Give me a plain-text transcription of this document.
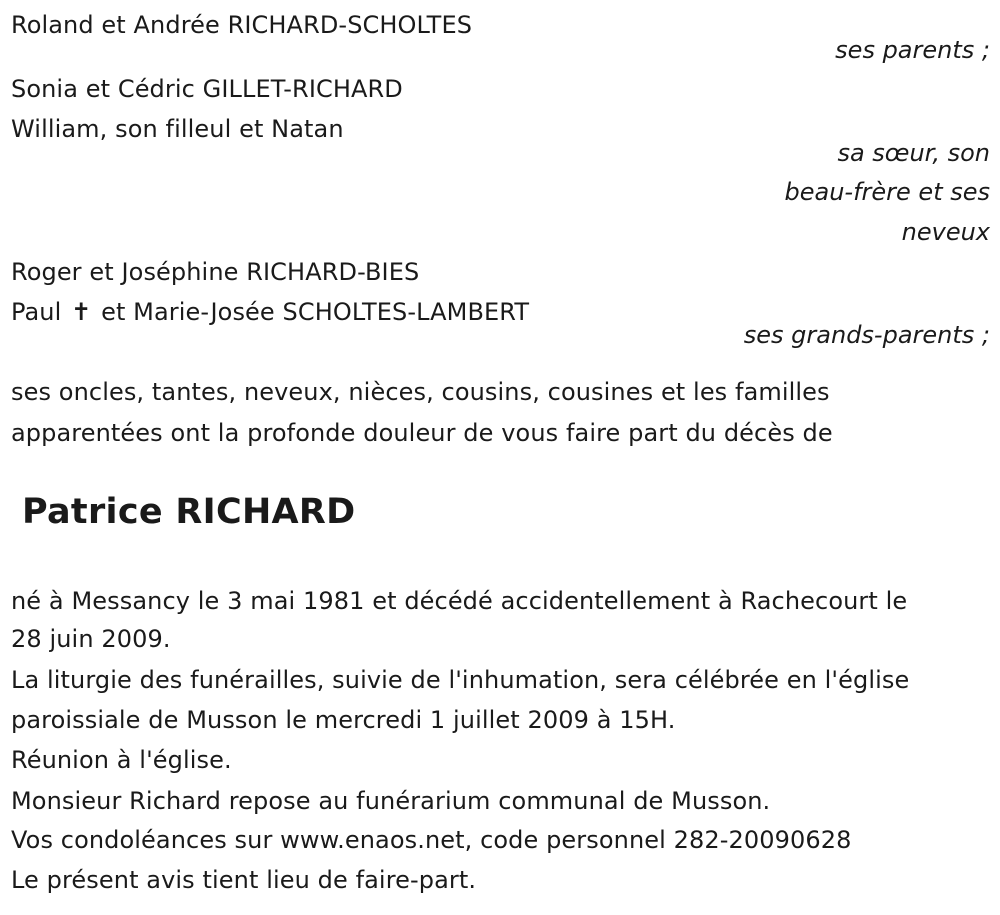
Roland et Andrée RICHARD-SCHOLTES
ses parents ;
Sonia et Cédric GILLET-RICHARD
William, son filleul et Natan
sa sœur, son
beau-frère et ses
neveux
Roger et Joséphine RICHARD-BIES
Paul ✝ et Marie-Josée SCHOLTES-LAMBERT
ses grands-parents ;
ses oncles, tantes, neveux, nièces, cousins, cousines et les familles
apparentées ont la profonde douleur de vous faire part du décès de
Patrice RICHARD
né à Messancy le 3 mai 1981 et décédé accidentellement à Rachecourt le
28 juin 2009.
La liturgie des funérailles, suivie de l'inhumation, sera célébrée en l'église
paroissiale de Musson le mercredi 1 juillet 2009 à 15H.
Réunion à l'église.
Monsieur Richard repose au funérarium communal de Musson.
Vos condoléances sur www.enaos.net, code personnel 282-20090628
Le présent avis tient lieu de faire-part.
